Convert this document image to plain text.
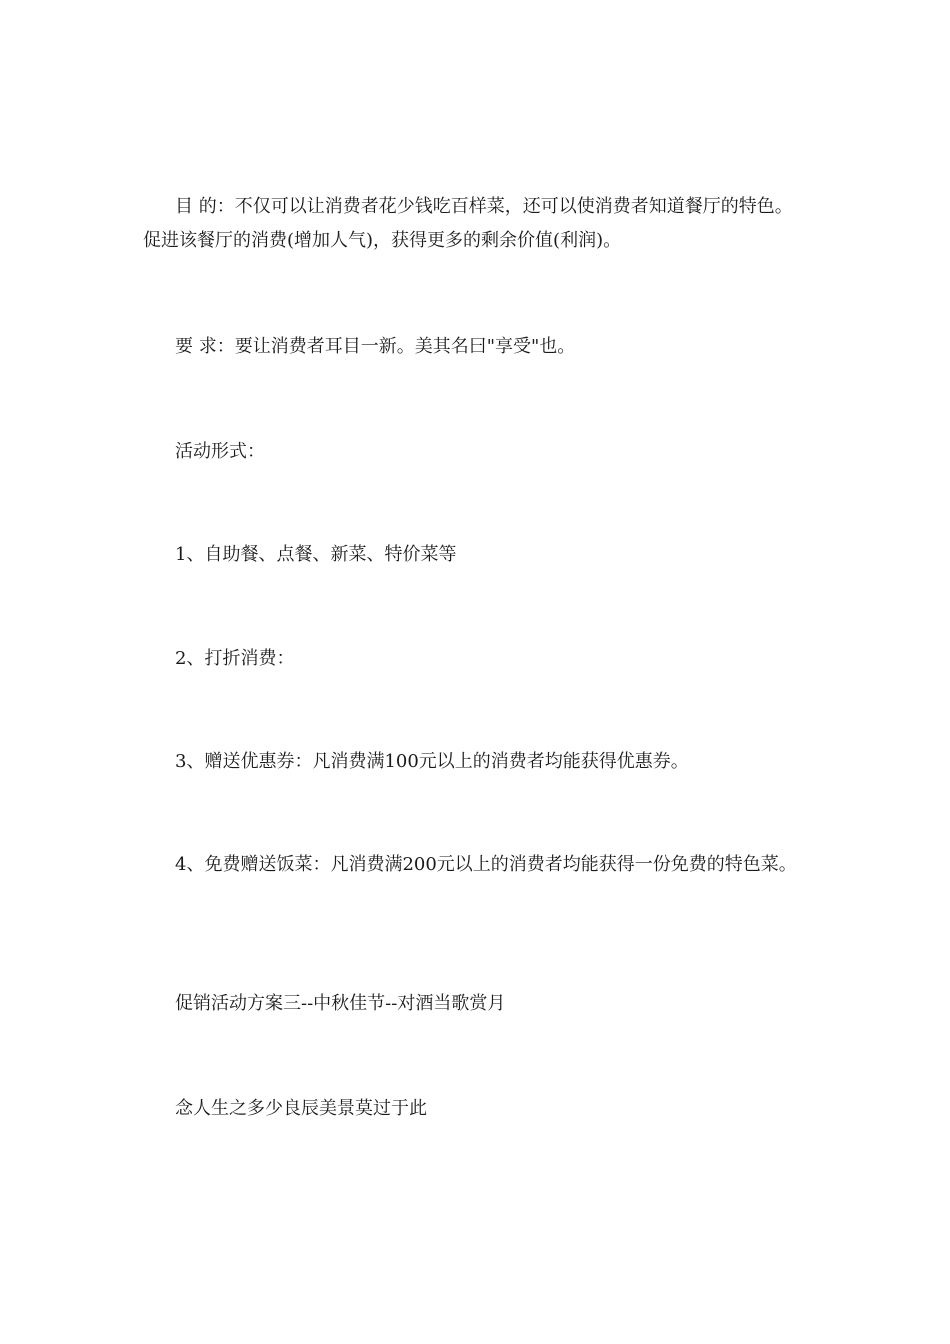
目 的：不仅可以让消费者花少钱吃百样菜，还可以使消费者知道餐厅的特色。促进该餐厅的消费(增加人气)，获得更多的剩余价值(利润)。

要 求：要让消费者耳目一新。美其名曰"享受"也。

活动形式：

1、自助餐、点餐、新菜、特价菜等

2、打折消费：

3、赠送优惠券：凡消费满100元以上的消费者均能获得优惠券。

4、免费赠送饭菜：凡消费满200元以上的消费者均能获得一份免费的特色菜。

促销活动方案三--中秋佳节--对酒当歌赏月

念人生之多少良辰美景莫过于此
